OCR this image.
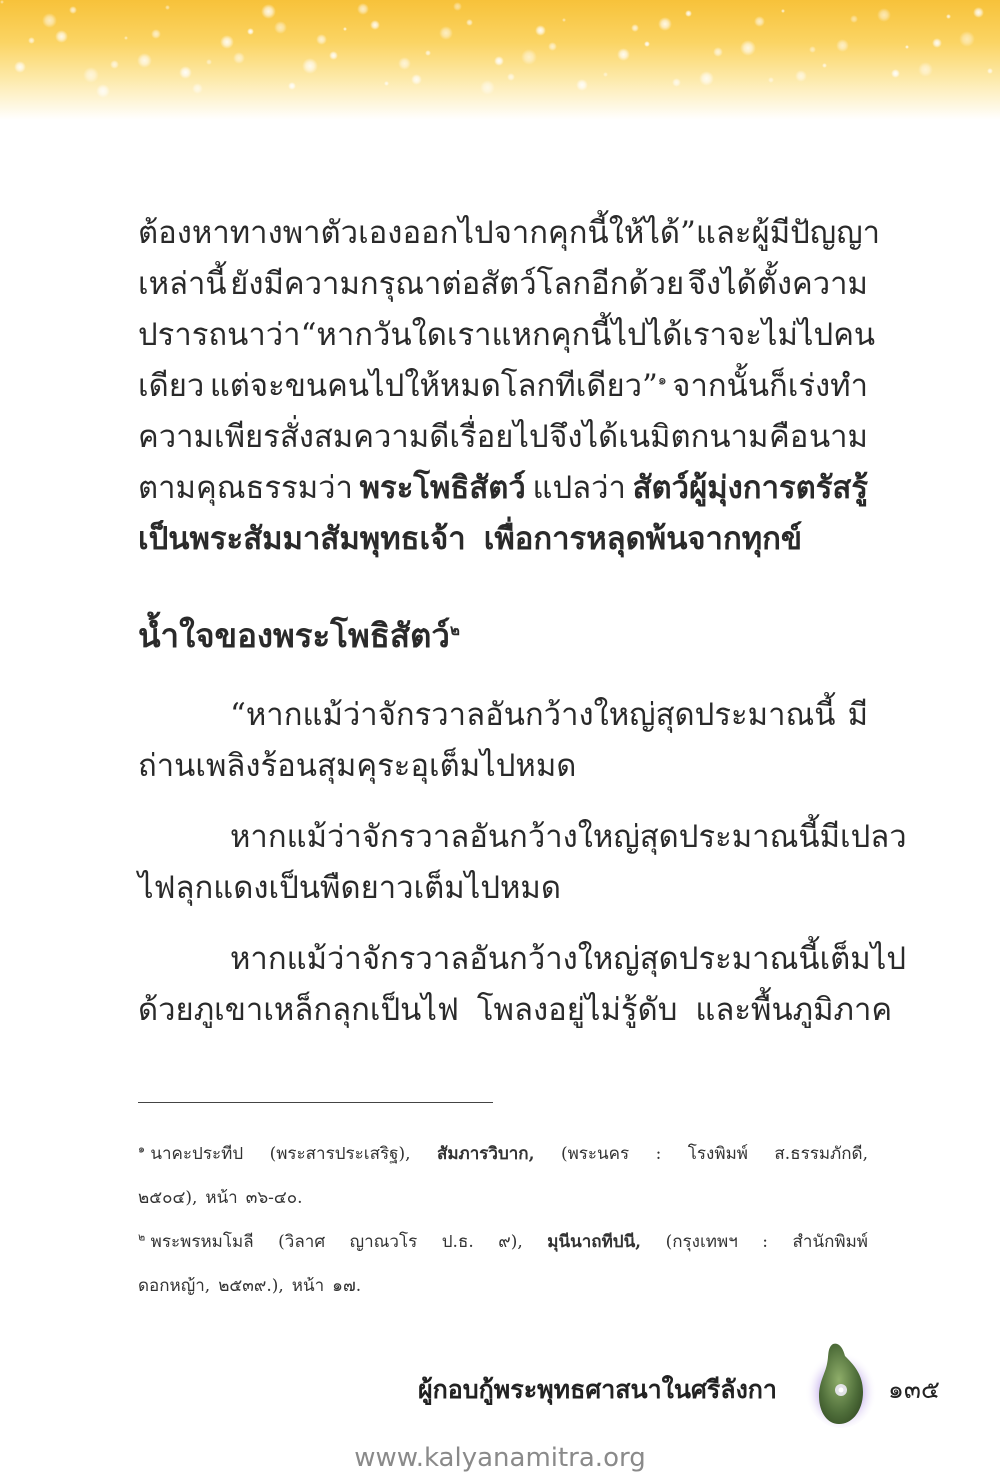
ต้องหาทางพาตัวเองออกไปจากคุกนี้ให้ได้” และผู้มีปัญญา
เหล่านี้ ยังมีความกรุณาต่อสัตว์โลกอีกด้วย จึงได้ตั้งความ
ปรารถนาว่า “หากวันใดเราแหกคุกนี้ไปได้ เราจะไม่ไปคน
เดียว แต่จะขนคนไปให้หมดโลกทีเดียว”$^๑$ จากนั้นก็เร่งทำ
ความเพียรสั่งสมความดีเรื่อยไป จึงได้เนมิตกนาม คือ นาม
ตามคุณธรรมว่า พระโพธิสัตว์ แปลว่า สัตว์ผู้มุ่งการตรัสรู้
เป็นพระสัมมาสัมพุทธเจ้า เพื่อการหลุดพ้นจากทุกข์
น้ำใจของพระโพธิสัตว์$^๒$
“หากแม้ว่าจักรวาลอันกว้างใหญ่สุดประมาณนี้ มี
ถ่านเพลิงร้อนสุมคุระอุเต็มไปหมด
หากแม้ว่าจักรวาลอันกว้างใหญ่สุดประมาณนี้ มีเปลว
ไฟลุกแดงเป็นพืดยาวเต็มไปหมด
หากแม้ว่าจักรวาลอันกว้างใหญ่สุดประมาณนี้ เต็มไป
ด้วยภูเขาเหล็กลุกเป็นไฟ โพลงอยู่ไม่รู้ดับ และพื้นภูมิภาค
$^๑$ นาคะประทีป (พระสารประเสริฐ), สัมภารวิบาก, (พระนคร : โรงพิมพ์ ส.ธรรมภักดี,
๒๕๐๔), หน้า ๓๖-๔๐.
$^๒$ พระพรหมโมลี (วิลาศ ญาณวโร ป.ธ. ๙), มุนีนาถทีปนี, (กรุงเทพฯ : สำนักพิมพ์
ดอกหญ้า, ๒๕๓๙.), หน้า ๑๗.
ผู้กอบกู้พระพุทธศาสนาในศรีลังกา	๑๓๕
www.kalyanamitra.org
